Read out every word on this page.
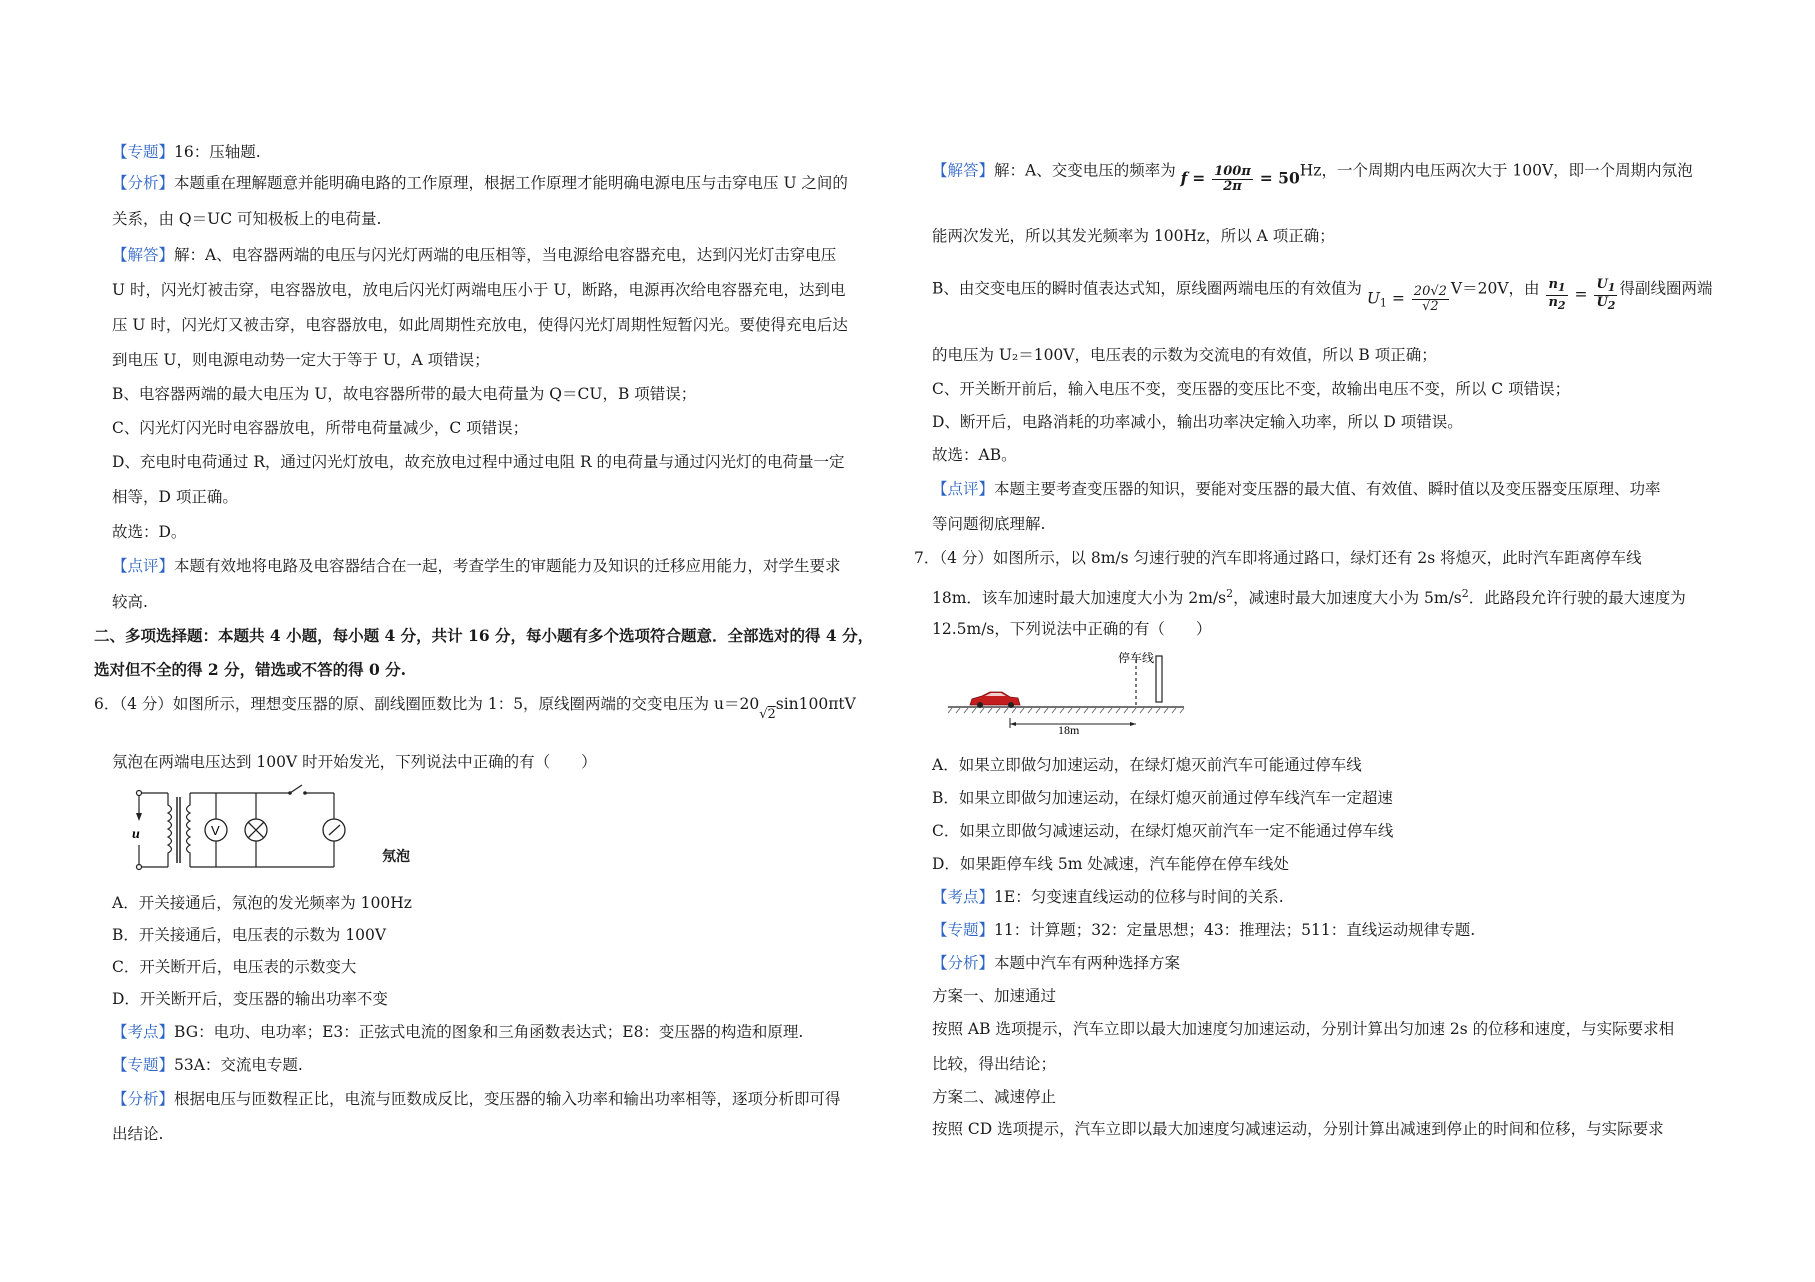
【专题】16：压轴题.
【分析】本题重在理解题意并能明确电路的工作原理，根据工作原理才能明确电源电压与击穿电压 U 之间的
关系，由 Q＝UC 可知极板上的电荷量.
【解答】解：A、电容器两端的电压与闪光灯两端的电压相等，当电源给电容器充电，达到闪光灯击穿电压
U 时，闪光灯被击穿，电容器放电，放电后闪光灯两端电压小于 U，断路，电源再次给电容器充电，达到电
压 U 时，闪光灯又被击穿，电容器放电，如此周期性充放电，使得闪光灯周期性短暂闪光。要使得充电后达
到电压 U，则电源电动势一定大于等于 U，A 项错误；
B、电容器两端的最大电压为 U，故电容器所带的最大电荷量为 Q＝CU，B 项错误；
C、闪光灯闪光时电容器放电，所带电荷量减少，C 项错误；
D、充电时电荷通过 R，通过闪光灯放电，故充放电过程中通过电阻 R 的电荷量与通过闪光灯的电荷量一定
相等，D 项正确。
故选：D。
【点评】本题有效地将电路及电容器结合在一起，考查学生的审题能力及知识的迁移应用能力，对学生要求
较高.
二、多项选择题：本题共 4 小题，每小题 4 分，共计 16 分，每小题有多个选项符合题意．全部选对的得 4 分，
选对但不全的得 2 分，错选或不答的得 0 分.
6．（4 分）如图所示，理想变压器的原、副线圈匝数比为 1：5，原线圈两端的交变电压为 u＝20√2sin100πtV
氖泡在两端电压达到 100V 时开始发光，下列说法中正确的有（　　）
u	V
氖泡
A．开关接通后，氖泡的发光频率为 100Hz
B．开关接通后，电压表的示数为 100V
C．开关断开后，电压表的示数变大
D．开关断开后，变压器的输出功率不变
【考点】BG：电功、电功率；E3：正弦式电流的图象和三角函数表达式；E8：变压器的构造和原理.
【专题】53A：交流电专题.
【分析】根据电压与匝数程正比，电流与匝数成反比，变压器的输入功率和输出功率相等，逐项分析即可得
出结论.
【解答】解：A、交变电压的频率为 $f = \frac{100\pi}{2\pi} = 50Hz$，一个周期内电压两次大于 100V，即一个周期内氖泡
能两次发光，所以其发光频率为 100Hz，所以 A 项正确；
B、由交变电压的瞬时值表达式知，原线圈两端电压的有效值为 $U_1 = \frac{20√2}{√2} V=20V$，由 $\frac{n_1}{n_2} = \frac{U_1}{U_2}$ 得副线圈两端
的电压为 U₂＝100V，电压表的示数为交流电的有效值，所以 B 项正确；
C、开关断开前后，输入电压不变，变压器的变压比不变，故输出电压不变，所以 C 项错误；
D、断开后，电路消耗的功率减小，输出功率决定输入功率，所以 D 项错误。
故选：AB。
【点评】本题主要考查变压器的知识，要能对变压器的最大值、有效值、瞬时值以及变压器变压原理、功率
等问题彻底理解.
7．（4 分）如图所示，以 8m/s 匀速行驶的汽车即将通过路口，绿灯还有 2s 将熄灭，此时汽车距离停车线
18m．该车加速时最大加速度大小为 $2m/s^2$，减速时最大加速度大小为 $5m/s^2$．此路段允许行驶的最大速度为
12.5m/s，下列说法中正确的有（　　）
停车线
18m
A．如果立即做匀加速运动，在绿灯熄灭前汽车可能通过停车线
B．如果立即做匀加速运动，在绿灯熄灭前通过停车线汽车一定超速
C．如果立即做匀减速运动，在绿灯熄灭前汽车一定不能通过停车线
D．如果距停车线 5m 处减速，汽车能停在停车线处
【考点】1E：匀变速直线运动的位移与时间的关系.
【专题】11：计算题；32：定量思想；43：推理法；511：直线运动规律专题.
【分析】本题中汽车有两种选择方案
方案一、加速通过
按照 AB 选项提示，汽车立即以最大加速度匀加速运动，分别计算出匀加速 2s 的位移和速度，与实际要求相
比较，得出结论；
方案二、减速停止
按照 CD 选项提示，汽车立即以最大加速度匀减速运动，分别计算出减速到停止的时间和位移，与实际要求
